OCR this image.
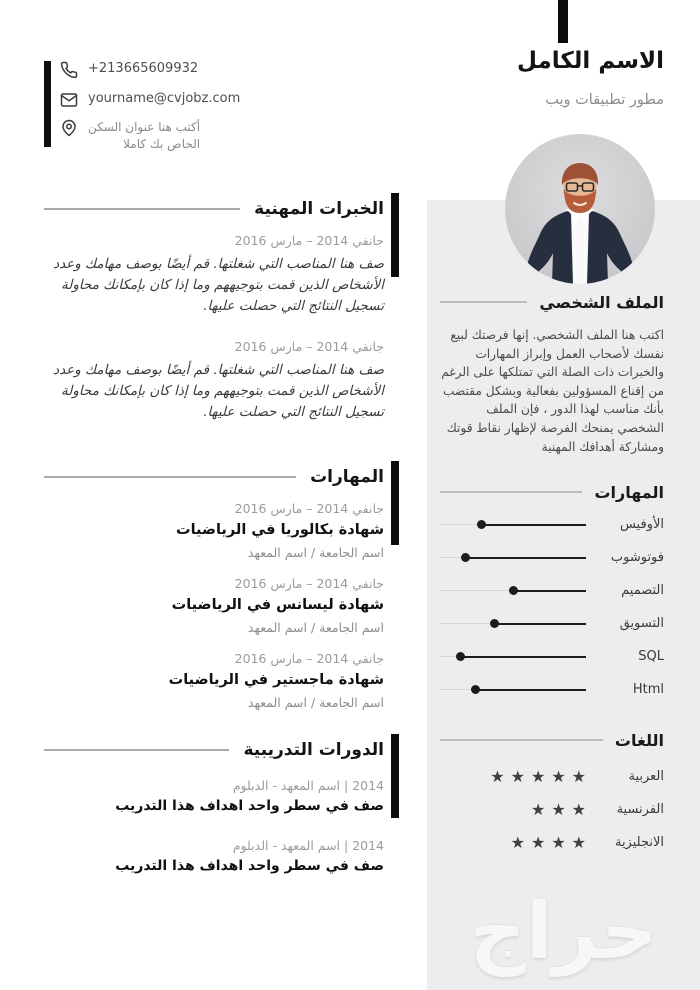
الاسم الكامل
مطور تطبيقات ويب
الملف الشخصي
اكتب هنا الملف الشخصي. إنها فرصتك لبيع نفسك لأصحاب العمل وإبراز المهارات والخبرات ذات الصلة التي تمتلكها على الرغم من إقناع المسؤولين بفعالية وبشكل مقتضب بأنك مناسب لهذا الدور ، فإن الملف الشخصي يمنحك الفرصة لإظهار نقاط قوتك ومشاركة أهدافك المهنية
المهارات
الأوفيس
فوتوشوب
التصميم
التسويق
SQL
Html
اللغات
العربية
★★★★★
الفرنسية
★★★
الانجليزية
★★★★
حراج
+213665609932
yourname@cvjobz.com
أكتب هنا عنوان السكن
الخاص بك كاملا
الخبرات المهنية
جانفي 2014 – مارس 2016
صف هنا المناصب التي شغلتها. قم أيضًا بوصف مهامك وعدد الأشخاص الذين قمت بتوجيههم وما إذا كان بإمكانك محاولة تسجيل النتائج التي حصلت عليها.
جانفي 2014 – مارس 2016
صف هنا المناصب التي شغلتها. قم أيضًا بوصف مهامك وعدد الأشخاص الذين قمت بتوجيههم وما إذا كان بإمكانك محاولة تسجيل النتائج التي حصلت عليها.
المهارات
جانفي 2014 – مارس 2016
شهادة بكالوريا في الرياضيات
اسم الجامعة / اسم المعهد
جانفي 2014 – مارس 2016
شهادة ليسانس في الرياضيات
اسم الجامعة / اسم المعهد
جانفي 2014 – مارس 2016
شهادة ماجستير في الرياضيات
اسم الجامعة / اسم المعهد
الدورات التدريبية
2014 | اسم المعهد - الدبلوم
صف في سطر واحد اهداف هذا التدريب
2014 | اسم المعهد - الدبلوم
صف في سطر واحد اهداف هذا التدريب
